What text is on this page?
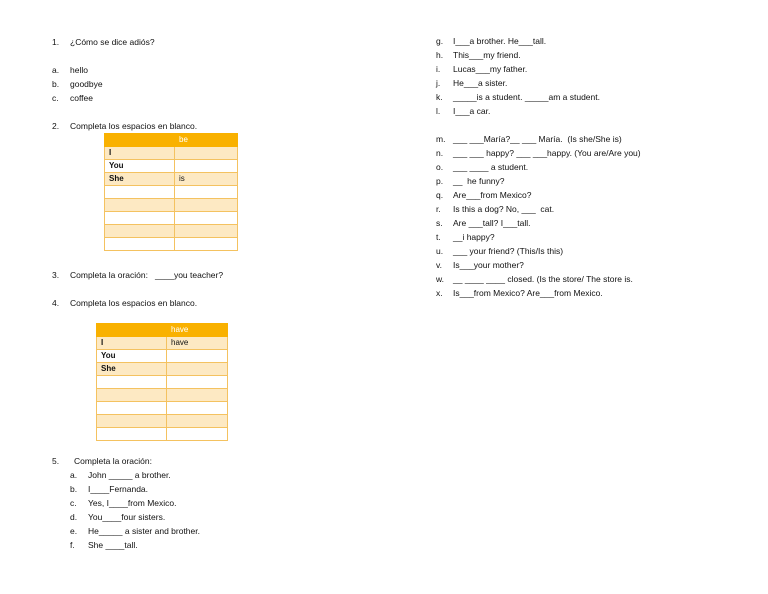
1. ¿Cómo se dice adiós?
a. hello
b. goodbye
c. coffee
2. Completa los espacios en blanco.
	be
I	
You	
She	is

3. Completa la oración:   ____you teacher?
4. Completa los espacios en blanco.
	have
I	have
You	
She	

5. Completa la oración:
a. John _____ a brother.
b. I____Fernanda.
c. Yes, I____from Mexico.
d. You____four sisters.
e. He_____ a sister and brother.
f. She ____tall.
g. I___a brother. He___tall.
h. This___my friend.
i. Lucas___my father.
j. He___a sister.
k. _____is a student. _____am a student.
l. I___a car.
m. ___ ___María?__ ___ María.  (Is she/She is)
n. ___ ___ happy? ___ ___happy. (You are/Are you)
o. ___ ____ a student.
p. __  he funny?
q. Are___from Mexico?
r. Is this a dog? No, ___  cat.
s. Are ___tall? I___tall.
t. __i happy?
u. ___ your friend? (This/Is this)
v. Is___your mother?
w. __ ____ ____ closed. (Is the store/ The store is.
x. Is___from Mexico? Are___from Mexico.
